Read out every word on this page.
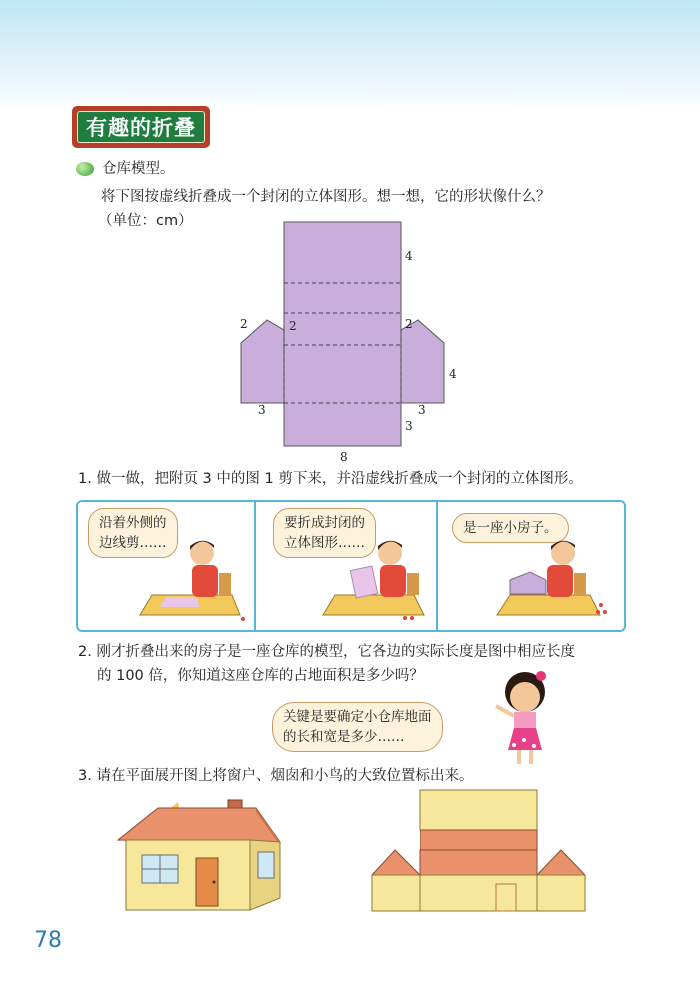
有趣的折叠
仓库模型。
将下图按虚线折叠成一个封闭的立体图形。想一想，它的形状像什么？
（单位：cm）
4
2
2	2
4
3	3
3
8
1. 做一做，把附页 3 中的图 1 剪下来，并沿虚线折叠成一个封闭的立体图形。
沿着外侧的
边线剪……
要折成封闭的
立体图形……
是一座小房子。
2. 刚才折叠出来的房子是一座仓库的模型，它各边的实际长度是图中相应长度
的 100 倍，你知道这座仓库的占地面积是多少吗？
关键是要确定小仓库地面
的长和宽是多少……
3. 请在平面展开图上将窗户、烟囱和小鸟的大致位置标出来。
78
